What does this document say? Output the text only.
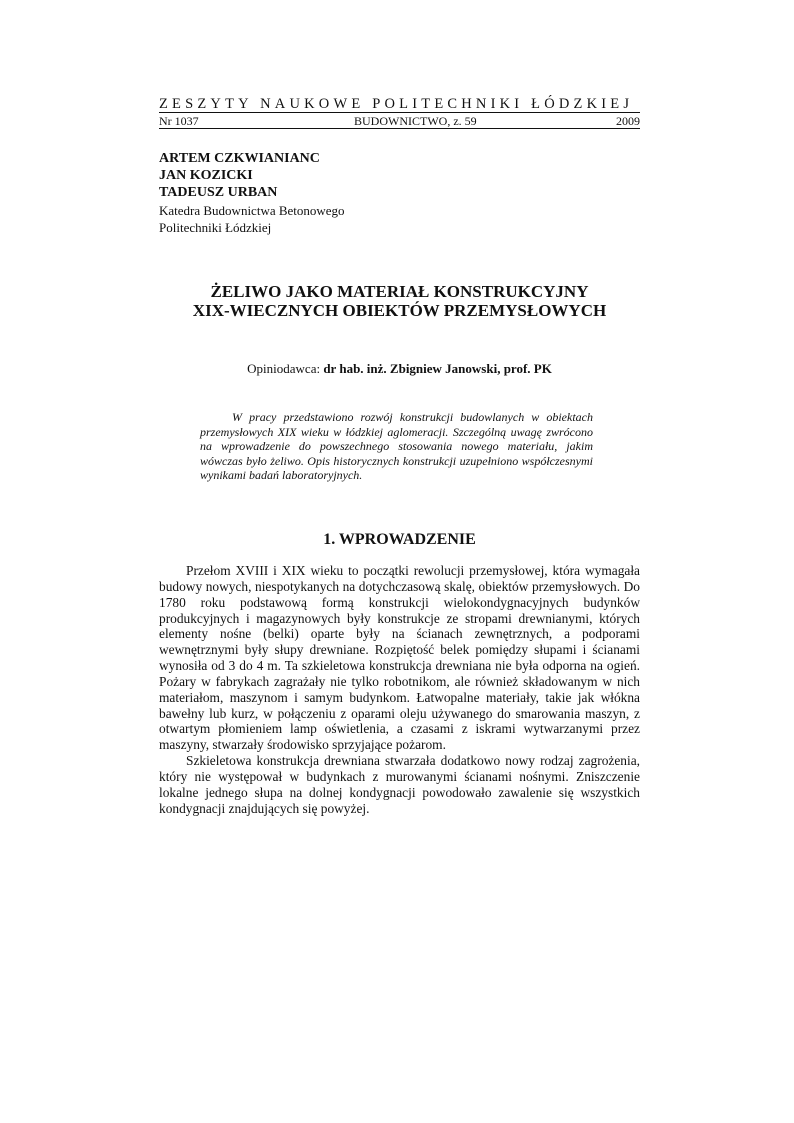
ZESZYTY NAUKOWE POLITECHNIKI ŁÓDZKIEJ
Nr 1037	BUDOWNICTWO, z. 59	2009
ARTEM CZKWIANIANC
JAN KOZICKI
TADEUSZ URBAN
Katedra Budownictwa Betonowego
Politechniki Łódzkiej
ŻELIWO JAKO MATERIAŁ KONSTRUKCYJNY
XIX-WIECZNYCH OBIEKTÓW PRZEMYSŁOWYCH
Opiniodawca: dr hab. inż. Zbigniew Janowski, prof. PK

W pracy przedstawiono rozwój konstrukcji budowlanych w obiektach przemysłowych XIX wieku w łódzkiej aglomeracji. Szczególną uwagę zwrócono na wprowadzenie do powszechnego stosowania nowego materiału, jakim wówczas było żeliwo. Opis historycznych konstrukcji uzupełniono współczesnymi wynikami badań laboratoryjnych.

1. WPROWADZENIE

Przełom XVIII i XIX wieku to początki rewolucji przemysłowej, która wymagała budowy nowych, niespotykanych na dotychczasową skalę, obiektów przemysłowych. Do 1780 roku podstawową formą konstrukcji wielokondygnacyjnych budynków produkcyjnych i magazynowych były konstrukcje ze stropami drewnianymi, których elementy nośne (belki) oparte były na ścianach zewnętrznych, a podporami wewnętrznymi były słupy drewniane. Rozpiętość belek pomiędzy słupami i ścianami wynosiła od 3 do 4 m. Ta szkieletowa konstrukcja drewniana nie była odporna na ogień. Pożary w fabrykach zagrażały nie tylko robotnikom, ale również składowanym w nich materiałom, maszynom i samym budynkom. Łatwopalne materiały, takie jak włókna bawełny lub kurz, w połączeniu z oparami oleju używanego do smarowania maszyn, z otwartym płomieniem lamp oświetlenia, a czasami z iskrami wytwarzanymi przez maszyny, stwarzały środowisko sprzyjające pożarom.

Szkieletowa konstrukcja drewniana stwarzała dodatkowo nowy rodzaj zagrożenia, który nie występował w budynkach z murowanymi ścianami nośnymi. Zniszczenie lokalne jednego słupa na dolnej kondygnacji powodowało zawalenie się wszystkich kondygnacji znajdujących się powyżej.
